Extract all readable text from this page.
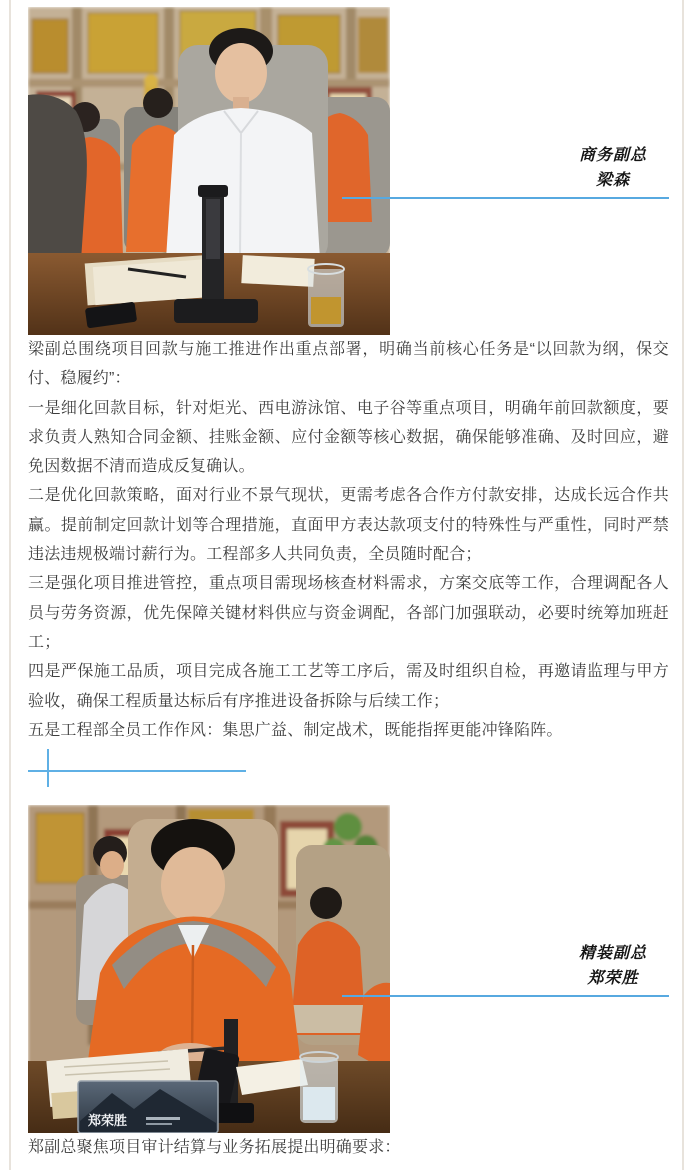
商务副总
梁森

梁副总围绕项目回款与施工推进作出重点部署，明确当前核心任务是“以回款为纲，保交付、稳履约”：

一是细化回款目标，针对炬光、西电游泳馆、电子谷等重点项目，明确年前回款额度，要求负责人熟知合同金额、挂账金额、应付金额等核心数据，确保能够准确、及时回应，避免因数据不清而造成反复确认。

二是优化回款策略，面对行业不景气现状，更需考虑各合作方付款安排，达成长远合作共赢。提前制定回款计划等合理措施，直面甲方表达款项支付的特殊性与严重性，同时严禁违法违规极端讨薪行为。工程部多人共同负责，全员随时配合；

三是强化项目推进管控，重点项目需现场核查材料需求，方案交底等工作，合理调配各人员与劳务资源，优先保障关键材料供应与资金调配，各部门加强联动，必要时统筹加班赶工；

四是严保施工品质，项目完成各施工工艺等工序后，需及时组织自检，再邀请监理与甲方验收，确保工程质量达标后有序推进设备拆除与后续工作；

五是工程部全员工作作风：集思广益、制定战术，既能指挥更能冲锋陷阵。

郑荣胜
精装副总
郑荣胜

郑副总聚焦项目审计结算与业务拓展提出明确要求：
